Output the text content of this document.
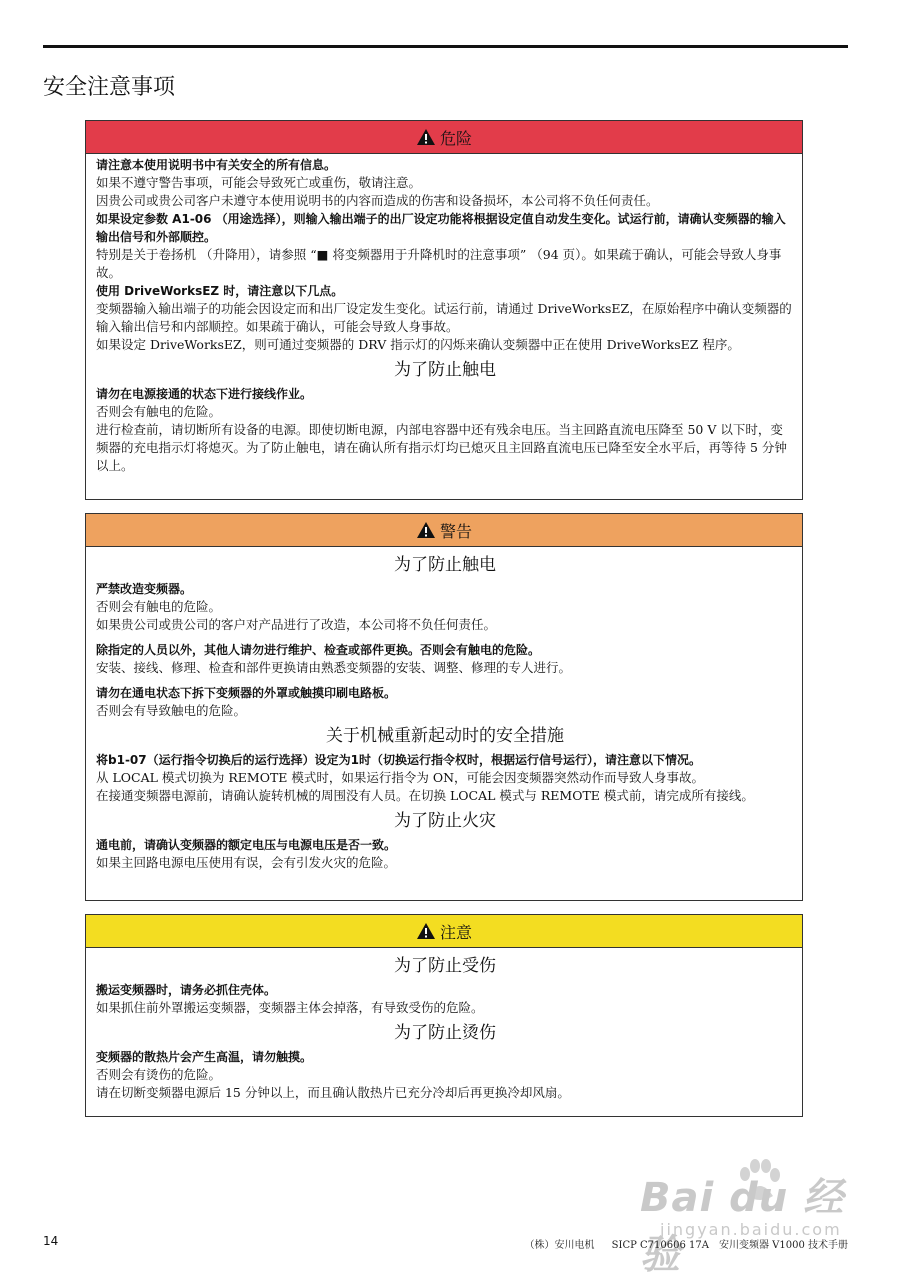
安全注意事项
危险

请注意本使用说明书中有关安全的所有信息。

如果不遵守警告事项，可能会导致死亡或重伤，敬请注意。

因贵公司或贵公司客户未遵守本使用说明书的内容而造成的伤害和设备损坏，本公司将不负任何责任。

如果设定参数 A1-06 （用途选择），则输入输出端子的出厂设定功能将根据设定值自动发生变化。试运行前，请确认变频器的输入输出信号和外部顺控。

特别是关于卷扬机 （升降用），请参照 “■ 将变频器用于升降机时的注意事项” （94 页）。如果疏于确认，可能会导致人身事故。

使用 DriveWorksEZ 时，请注意以下几点。

变频器输入输出端子的功能会因设定而和出厂设定发生变化。试运行前，请通过 DriveWorksEZ，在原始程序中确认变频器的输入输出信号和内部顺控。如果疏于确认，可能会导致人身事故。

如果设定 DriveWorksEZ，则可通过变频器的 DRV 指示灯的闪烁来确认变频器中正在使用 DriveWorksEZ 程序。

为了防止触电

请勿在电源接通的状态下进行接线作业。

否则会有触电的危险。

进行检查前，请切断所有设备的电源。即使切断电源，内部电容器中还有残余电压。当主回路直流电压降至 50 V 以下时，变频器的充电指示灯将熄灭。为了防止触电，请在确认所有指示灯均已熄灭且主回路直流电压已降至安全水平后，再等待 5 分钟以上。

警告
为了防止触电

严禁改造变频器。

否则会有触电的危险。

如果贵公司或贵公司的客户对产品进行了改造，本公司将不负任何责任。

除指定的人员以外，其他人请勿进行维护、检查或部件更换。否则会有触电的危险。

安装、接线、修理、检查和部件更换请由熟悉变频器的安装、调整、修理的专人进行。

请勿在通电状态下拆下变频器的外罩或触摸印刷电路板。

否则会有导致触电的危险。

关于机械重新起动时的安全措施

将b1-07（运行指令切换后的运行选择）设定为1时（切换运行指令权时，根据运行信号运行），请注意以下情况。

从 LOCAL 模式切换为 REMOTE 模式时，如果运行指令为 ON，可能会因变频器突然动作而导致人身事故。

在接通变频器电源前，请确认旋转机械的周围没有人员。在切换 LOCAL 模式与 REMOTE 模式前，请完成所有接线。

为了防止火灾

通电前，请确认变频器的额定电压与电源电压是否一致。

如果主回路电源电压使用有误，会有引发火灾的危险。

注意
为了防止受伤

搬运变频器时，请务必抓住壳体。

如果抓住前外罩搬运变频器，变频器主体会掉落，有导致受伤的危险。

为了防止烫伤

变频器的散热片会产生高温，请勿触摸。

否则会有烫伤的危险。

请在切断变频器电源后 15 分钟以上，而且确认散热片已充分冷却后再更换冷却风扇。

Bai du 经验
jingyan.baidu.com
14	（株）安川电机 SICP C710606 17A　安川变频器 V1000 技术手册
